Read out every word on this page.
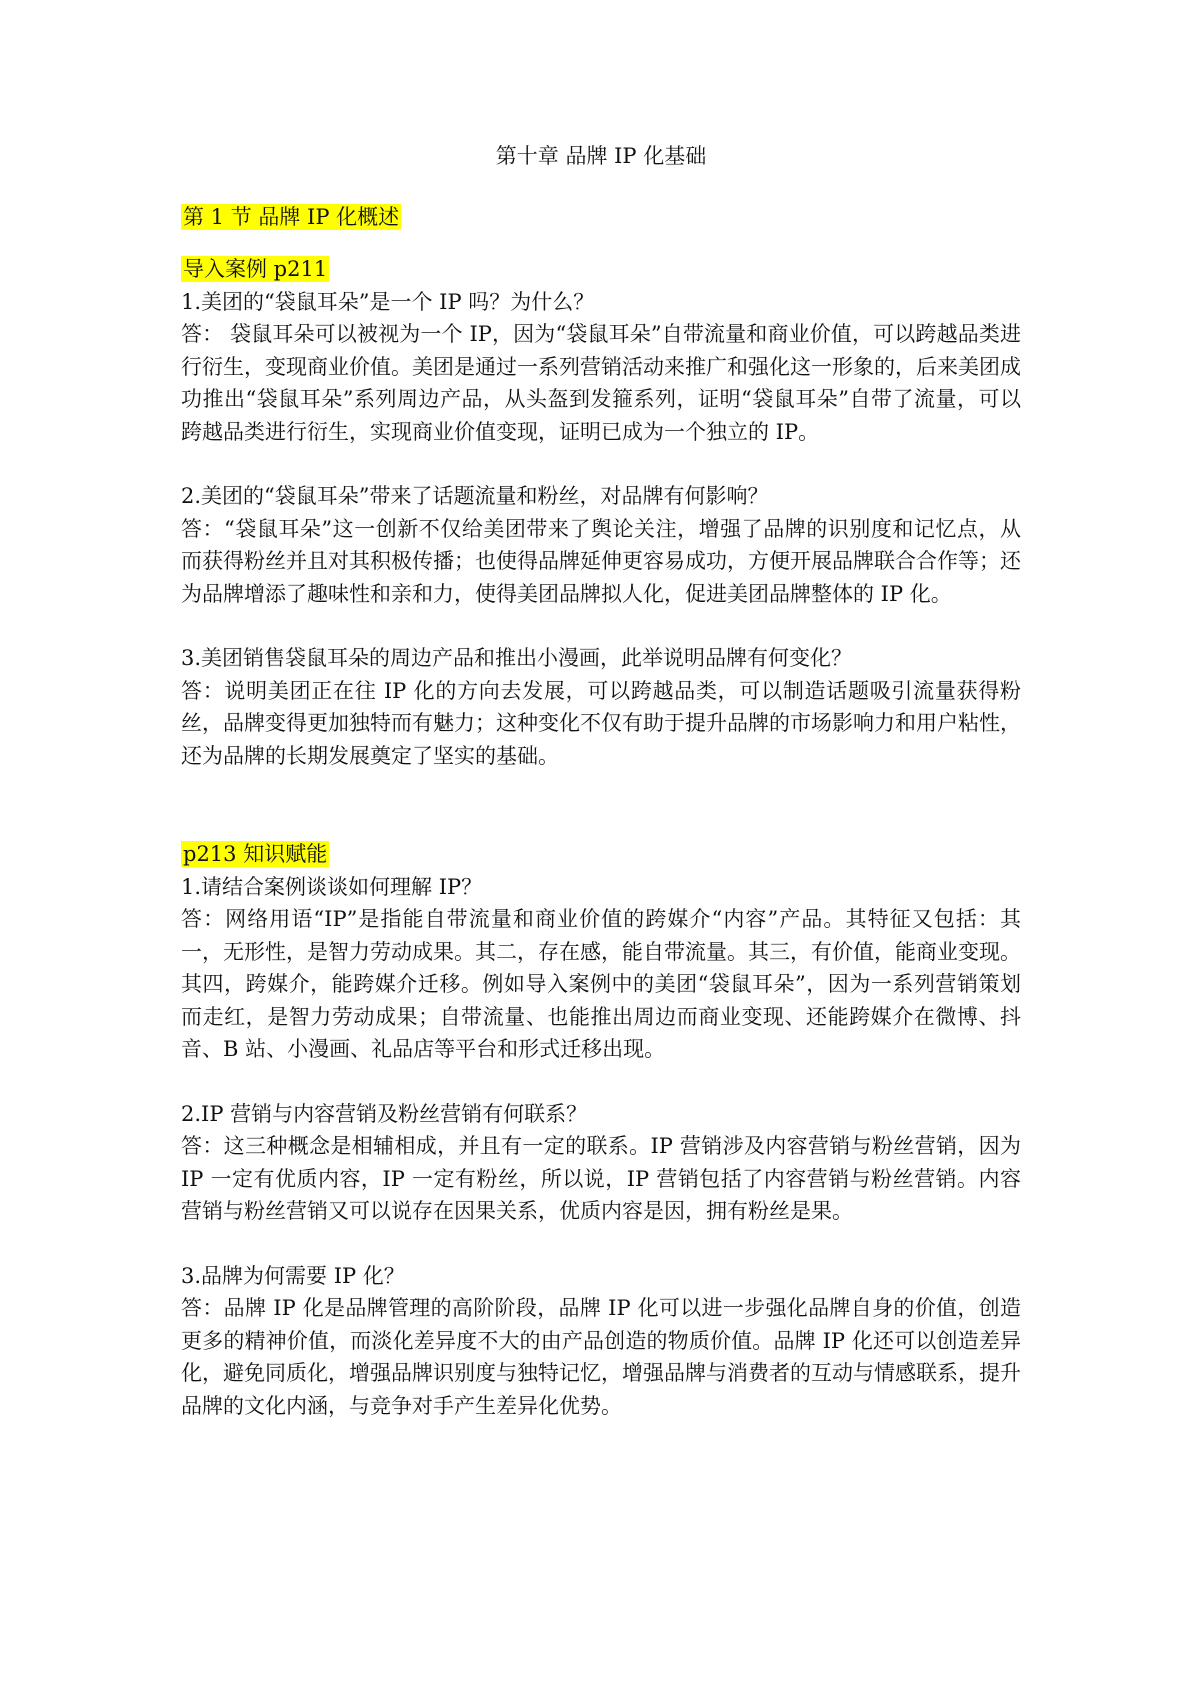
第十章 品牌 IP 化基础
第 1 节 品牌 IP 化概述
导入案例 p211

1.美团的“袋鼠耳朵”是一个 IP 吗？为什么？

答： 袋鼠耳朵可以被视为一个 IP，因为“袋鼠耳朵”自带流量和商业价值，可以跨越品类进行衍生，变现商业价值。美团是通过一系列营销活动来推广和强化这一形象的，后来美团成功推出“袋鼠耳朵”系列周边产品，从头盔到发箍系列，证明“袋鼠耳朵”自带了流量，可以跨越品类进行衍生，实现商业价值变现，证明已成为一个独立的 IP。

2.美团的“袋鼠耳朵”带来了话题流量和粉丝，对品牌有何影响？

答：“袋鼠耳朵”这一创新不仅给美团带来了舆论关注，增强了品牌的识别度和记忆点，从而获得粉丝并且对其积极传播；也使得品牌延伸更容易成功，方便开展品牌联合合作等；还为品牌增添了趣味性和亲和力，使得美团品牌拟人化，促进美团品牌整体的 IP 化。

3.美团销售袋鼠耳朵的周边产品和推出小漫画，此举说明品牌有何变化？

答：说明美团正在往 IP 化的方向去发展，可以跨越品类，可以制造话题吸引流量获得粉丝，品牌变得更加独特而有魅力；这种变化不仅有助于提升品牌的市场影响力和用户粘性，还为品牌的长期发展奠定了坚实的基础。

p213 知识赋能

1.请结合案例谈谈如何理解 IP？

答：网络用语“IP”是指能自带流量和商业价值的跨媒介“内容”产品。其特征又包括：其一，无形性，是智力劳动成果。其二，存在感，能自带流量。其三，有价值，能商业变现。其四，跨媒介，能跨媒介迁移。例如导入案例中的美团“袋鼠耳朵”，因为一系列营销策划而走红，是智力劳动成果；自带流量、也能推出周边而商业变现、还能跨媒介在微博、抖音、B 站、小漫画、礼品店等平台和形式迁移出现。

2.IP 营销与内容营销及粉丝营销有何联系？

答：这三种概念是相辅相成，并且有一定的联系。IP 营销涉及内容营销与粉丝营销，因为 IP 一定有优质内容，IP 一定有粉丝，所以说，IP 营销包括了内容营销与粉丝营销。内容营销与粉丝营销又可以说存在因果关系，优质内容是因，拥有粉丝是果。

3.品牌为何需要 IP 化？

答：品牌 IP 化是品牌管理的高阶阶段，品牌 IP 化可以进一步强化品牌自身的价值，创造更多的精神价值，而淡化差异度不大的由产品创造的物质价值。品牌 IP 化还可以创造差异化，避免同质化，增强品牌识别度与独特记忆，增强品牌与消费者的互动与情感联系，提升品牌的文化内涵，与竞争对手产生差异化优势。
